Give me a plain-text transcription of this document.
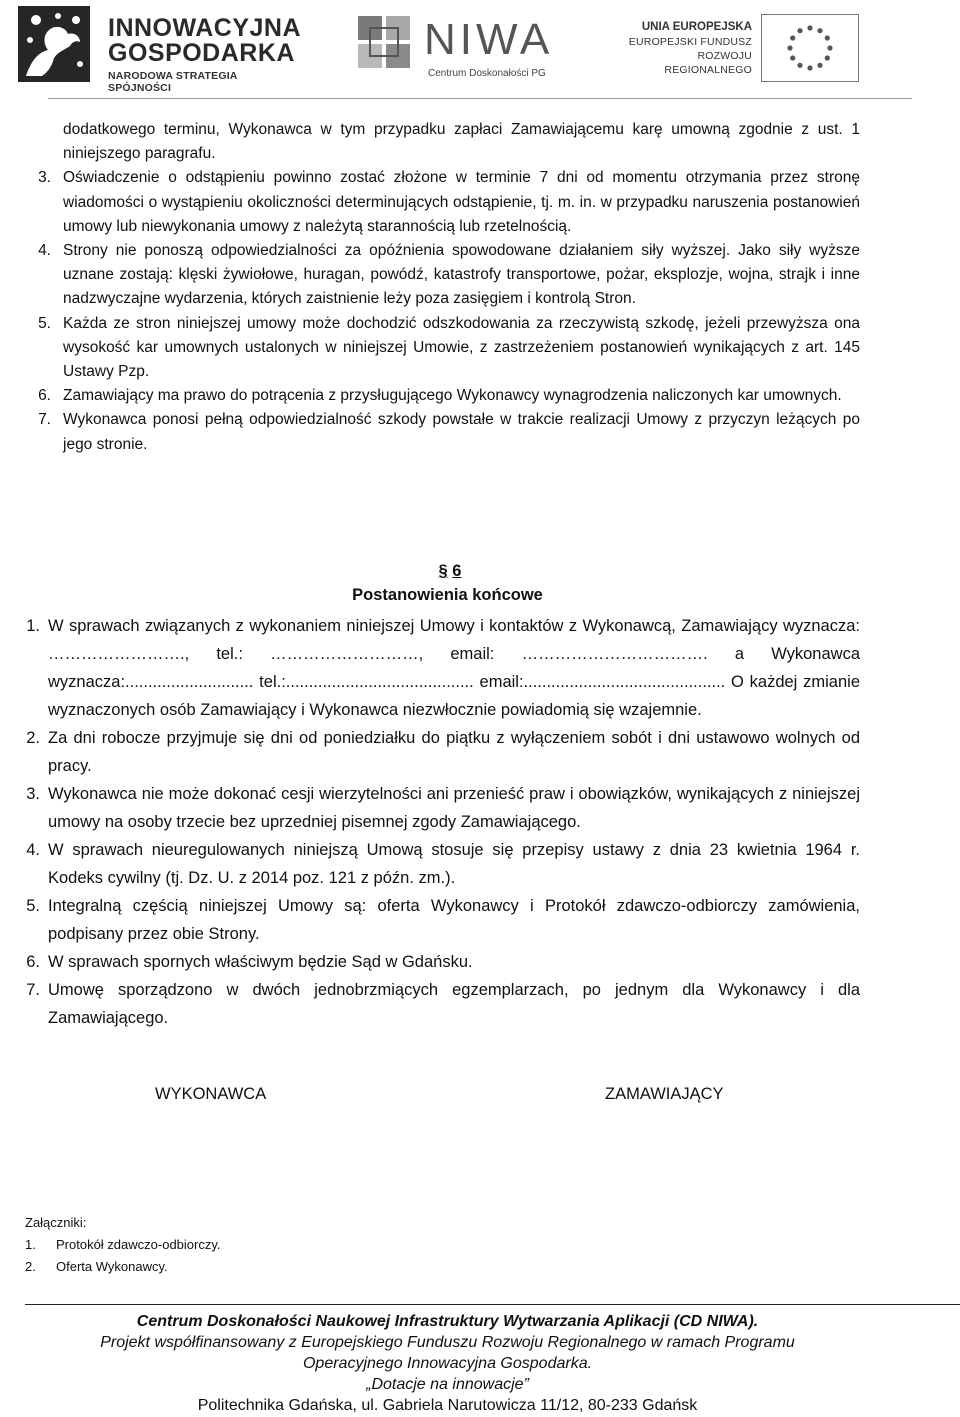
INNOWACYJNA
GOSPODARKA
NARODOWA STRATEGIA SPÓJNOŚCI
NIWA
Centrum Doskonałości PG
UNIA EUROPEJSKA
EUROPEJSKI FUNDUSZ
ROZWOJU REGIONALNEGO
dodatkowego terminu, Wykonawca w tym przypadku zapłaci Zamawiającemu karę umowną zgodnie z ust. 1 niniejszego paragrafu.
3. Oświadczenie o odstąpieniu powinno zostać złożone w terminie 7 dni od momentu otrzymania przez stronę wiadomości o wystąpieniu okoliczności determinujących odstąpienie, tj. m. in. w przypadku naruszenia postanowień umowy lub niewykonania umowy z należytą starannością lub rzetelnością.
4. Strony nie ponoszą odpowiedzialności za opóźnienia spowodowane działaniem siły wyższej. Jako siły wyższe uznane zostają: klęski żywiołowe, huragan, powódź, katastrofy transportowe, pożar, eksplozje, wojna, strajk i inne nadzwyczajne wydarzenia, których zaistnienie leży poza zasięgiem i kontrolą Stron.
5. Każda ze stron niniejszej umowy może dochodzić odszkodowania za rzeczywistą szkodę, jeżeli przewyższa ona wysokość kar umownych ustalonych w niniejszej Umowie, z zastrzeżeniem postanowień wynikających z art. 145 Ustawy Pzp.
6. Zamawiający ma prawo do potrącenia z przysługującego Wykonawcy wynagrodzenia naliczonych kar umownych.
7. Wykonawca ponosi pełną odpowiedzialność szkody powstałe w trakcie realizacji Umowy z przyczyn leżących po jego stronie.
§ 6
Postanowienia końcowe
1. W sprawach związanych z wykonaniem niniejszej Umowy i kontaktów z Wykonawcą, Zamawiający wyznacza: ……………………., tel.: ………………………, email: ……………………………. a Wykonawca wyznacza:............................ tel.:......................................... email:............................................ O każdej zmianie wyznaczonych osób Zamawiający i Wykonawca niezwłocznie powiadomią się wzajemnie.
2. Za dni robocze przyjmuje się dni od poniedziałku do piątku z wyłączeniem sobót i dni ustawowo wolnych od pracy.
3. Wykonawca nie może dokonać cesji wierzytelności ani przenieść praw i obowiązków, wynikających z niniejszej umowy na osoby trzecie bez uprzedniej pisemnej zgody Zamawiającego.
4. W sprawach nieuregulowanych niniejszą Umową stosuje się przepisy ustawy z dnia 23 kwietnia 1964 r. Kodeks cywilny (tj. Dz. U. z 2014 poz. 121 z późn. zm.).
5. Integralną częścią niniejszej Umowy są: oferta Wykonawcy i Protokół zdawczo-odbiorczy zamówienia, podpisany przez obie Strony.
6. W sprawach spornych właściwym będzie Sąd w Gdańsku.
7. Umowę sporządzono w dwóch jednobrzmiących egzemplarzach, po jednym dla Wykonawcy i dla Zamawiającego.
WYKONAWCA	ZAMAWIAJĄCY
Załączniki:
1. Protokół zdawczo-odbiorczy.
2. Oferta Wykonawcy.
Centrum Doskonałości Naukowej Infrastruktury Wytwarzania Aplikacji (CD NIWA).
Projekt współfinansowany z Europejskiego Funduszu Rozwoju Regionalnego w ramach Programu
Operacyjnego Innowacyjna Gospodarka.
„Dotacje na innowacje”
Politechnika Gdańska, ul. Gabriela Narutowicza 11/12, 80-233 Gdańsk
